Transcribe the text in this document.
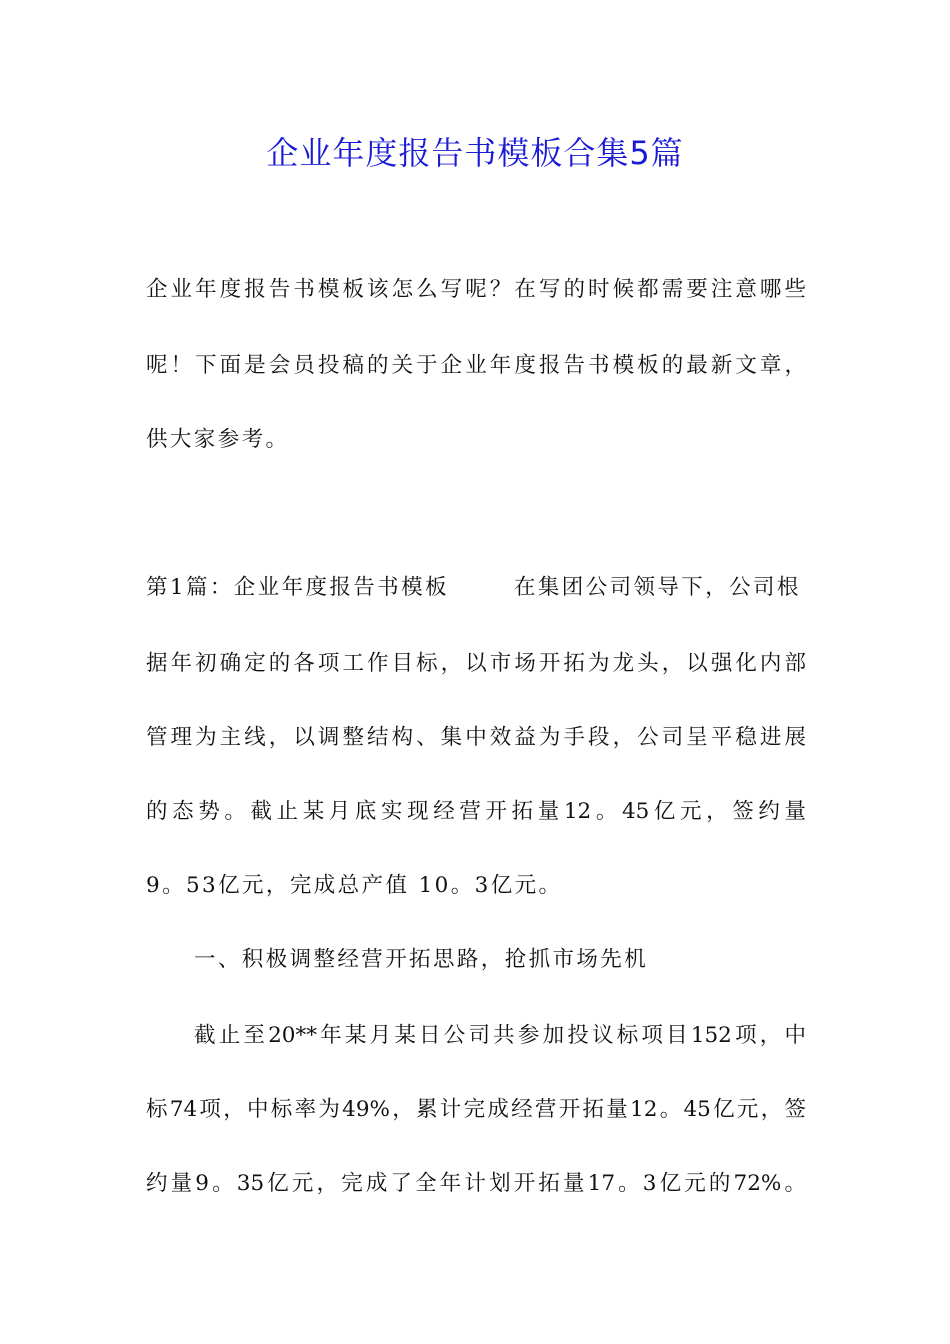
企业年度报告书模板合集5篇
企业年度报告书模板该怎么写呢？在写的时候都需要注意哪些
呢！下面是会员投稿的关于企业年度报告书模板的最新文章，
供大家参考。
第1篇：企业年度报告书模板	在集团公司领导下，公司根
据年初确定的各项工作目标，以市场开拓为龙头，以强化内部
管理为主线，以调整结构、集中效益为手段，公司呈平稳进展
的态势。截止某月底实现经营开拓量12。45亿元，签约量
9。53亿元，完成总产值 10。3亿元。
一、积极调整经营开拓思路，抢抓市场先机
截止至20**年某月某日公司共参加投议标项目152项，中
标74项，中标率为49%，累计完成经营开拓量12。45亿元，签
约量9。35亿元，完成了全年计划开拓量17。3亿元的72%。
